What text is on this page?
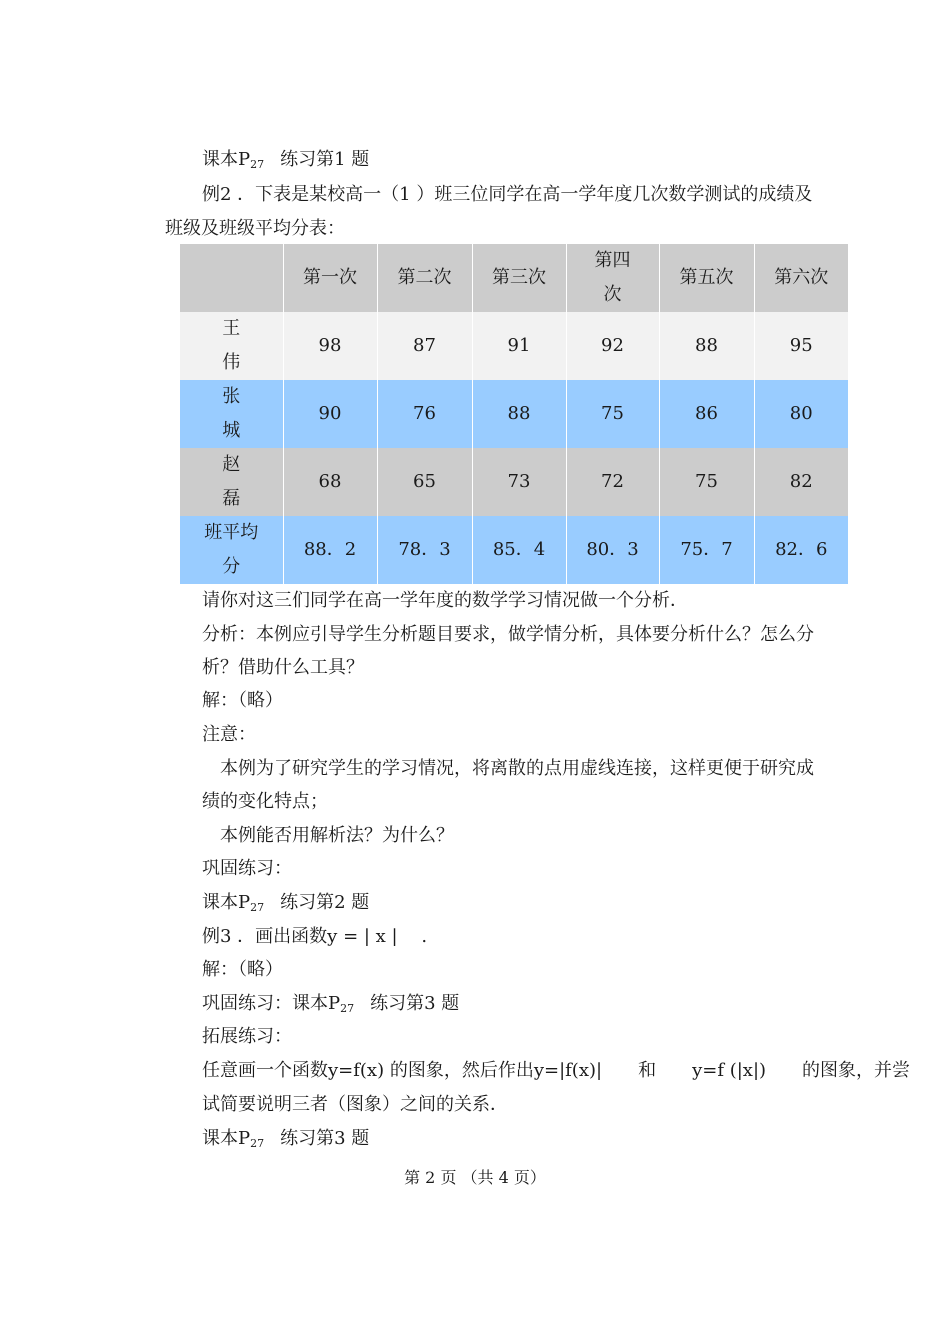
课本$P_{27}$ 练习第1 题
例2 ．下表是某校高一（1 ）班三位同学在高一学年度几次数学测试的成绩及
班级及班级平均分表：
	第一次	第二次	第三次	第四
次	第五次	第六次

王
伟	98	87	91	92	88	95

张
城	90	76	88	75	86	80

赵
磊	68	65	73	72	75	82

班平均
分	88．2	78．3	85．4	80．3	75．7	82．6
请你对这三们同学在高一学年度的数学学习情况做一个分析．
分析：本例应引导学生分析题目要求，做学情分析，具体要分析什么？怎么分
析？借助什么工具？
解：（略）
注意：
本例为了研究学生的学习情况，将离散的点用虚线连接，这样更便于研究成
绩的变化特点；
本例能否用解析法？为什么？
巩固练习：
课本$P_{27}$ 练习第2 题
例3 ．画出函数y = | x |　 .
解：（略）
巩固练习：课本$P_{27}$ 练习第3 题
拓展练习：
任意画一个函数y=f(x) 的图象，然后作出y=|f(x)| 和 y=f (|x|) 的图象，并尝
试简要说明三者（图象）之间的关系．
课本$P_{27}$ 练习第3 题
第 2 页 （共 4 页）
